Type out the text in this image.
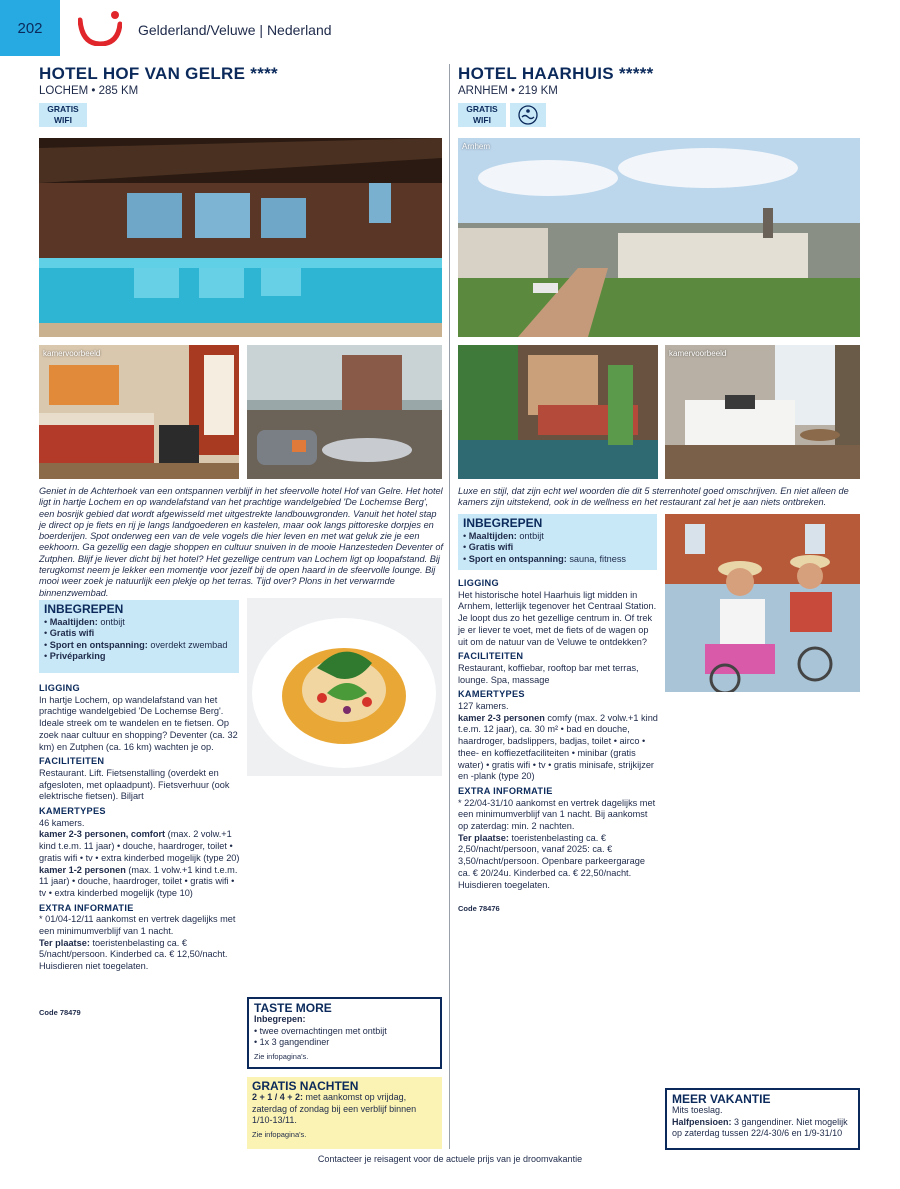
202	Gelderland/Veluwe | Nederland
HOTEL HOF VAN GELRE ****
LOCHEM • 285 KM
GRATIS WIFI
kamervoorbeeld
Geniet in de Achterhoek van een ontspannen verblijf in het sfeervolle hotel Hof van Gelre. Het hotel ligt in hartje Lochem en op wandelafstand van het prachtige wandelgebied 'De Lochemse Berg', een bosrijk gebied dat wordt afgewisseld met uitgestrekte landbouwgronden. Vanuit het hotel stap je direct op je fiets en rij je langs landgoederen en kastelen, maar ook langs pittoreske dorpjes en boerderijen. Spot onderweg een van de vele vogels die hier leven en met wat geluk zie je een eekhoorn. Ga gezellig een dagje shoppen en cultuur snuiven in de mooie Hanzesteden Deventer of Zutphen. Blijf je liever dicht bij het hotel? Het gezellige centrum van Lochem ligt op loopafstand. Bij terugkomst neem je lekker een momentje voor jezelf bij de open haard in de sfeervolle lounge. Bij mooi weer zoek je natuurlijk een plekje op het terras. Tijd over? Plons in het verwarmde binnenzwembad.
INBEGREPEN
• Maaltijden: ontbijt
• Gratis wifi
• Sport en ontspanning: overdekt zwembad
• Privéparking
LIGGING
In hartje Lochem, op wandelafstand van het prachtige wandelgebied 'De Lochemse Berg'. Ideale streek om te wandelen en te fietsen. Op zoek naar cultuur en shopping? Deventer (ca. 32 km) en Zutphen (ca. 16 km) wachten je op.
FACILITEITEN
Restaurant. Lift. Fietsenstalling (overdekt en afgesloten, met oplaadpunt). Fietsverhuur (ook elektrische fietsen). Biljart
KAMERTYPES
46 kamers.
kamer 2-3 personen, comfort (max. 2 volw.+1 kind t.e.m. 11 jaar) • douche, haardroger, toilet • gratis wifi • tv • extra kinderbed mogelijk (type 20)
kamer 1-2 personen (max. 1 volw.+1 kind t.e.m. 11 jaar) • douche, haardroger, toilet • gratis wifi • tv • extra kinderbed mogelijk (type 10)
EXTRA INFORMATIE
* 01/04-12/11 aankomst en vertrek dagelijks met een minimumverblijf van 1 nacht.
Ter plaatse: toeristenbelasting ca. € 5/nacht/persoon. Kinderbed ca. € 12,50/nacht. Huisdieren niet toegelaten.
Code 78479	TASTE MORE
Inbegrepen:
• twee overnachtingen met ontbijt
• 1x 3 gangendiner
Zie infopagina's.
GRATIS NACHTEN
2 + 1 / 4 + 2: met aankomst op vrijdag, zaterdag of zondag bij een verblijf binnen 1/10-13/11.
Zie infopagina's.
HOTEL HAARHUIS *****
ARNHEM • 219 KM
GRATIS WIFI
Arnhem
kamervoorbeeld
Luxe en stijl, dat zijn echt wel woorden die dit 5 sterrenhotel goed omschrijven. En niet alleen de kamers zijn uitstekend, ook in de wellness en het restaurant zal het je aan niets ontbreken.
INBEGREPEN
• Maaltijden: ontbijt
• Gratis wifi
• Sport en ontspanning: sauna, fitness
LIGGING
Het historische hotel Haarhuis ligt midden in Arnhem, letterlijk tegenover het Centraal Station. Je loopt dus zo het gezellige centrum in. Of trek je er liever te voet, met de fiets of de wagen op uit om de natuur van de Veluwe te ontdekken?
FACILITEITEN
Restaurant, koffiebar, rooftop bar met terras, lounge. Spa, massage
KAMERTYPES
127 kamers.
kamer 2-3 personen comfy (max. 2 volw.+1 kind t.e.m. 12 jaar), ca. 30 m² • bad en douche, haardroger, badslippers, badjas, toilet • airco • thee- en koffiezetfaciliteiten • minibar (gratis water) • gratis wifi • tv • gratis minisafe, strijkijzer en -plank (type 20)
EXTRA INFORMATIE
* 22/04-31/10 aankomst en vertrek dagelijks met een minimumverblijf van 1 nacht. Bij aankomst op zaterdag: min. 2 nachten.
Ter plaatse: toeristenbelasting ca. € 2,50/nacht/persoon, vanaf 2025: ca. € 3,50/nacht/persoon. Openbare parkeergarage ca. € 20/24u. Kinderbed ca. € 22,50/nacht. Huisdieren toegelaten.
Code 78476
MEER VAKANTIE
Mits toeslag.
Halfpensioen: 3 gangendiner. Niet mogelijk op zaterdag tussen 22/4-30/6 en 1/9-31/10
Contacteer je reisagent voor de actuele prijs van je droomvakantie
